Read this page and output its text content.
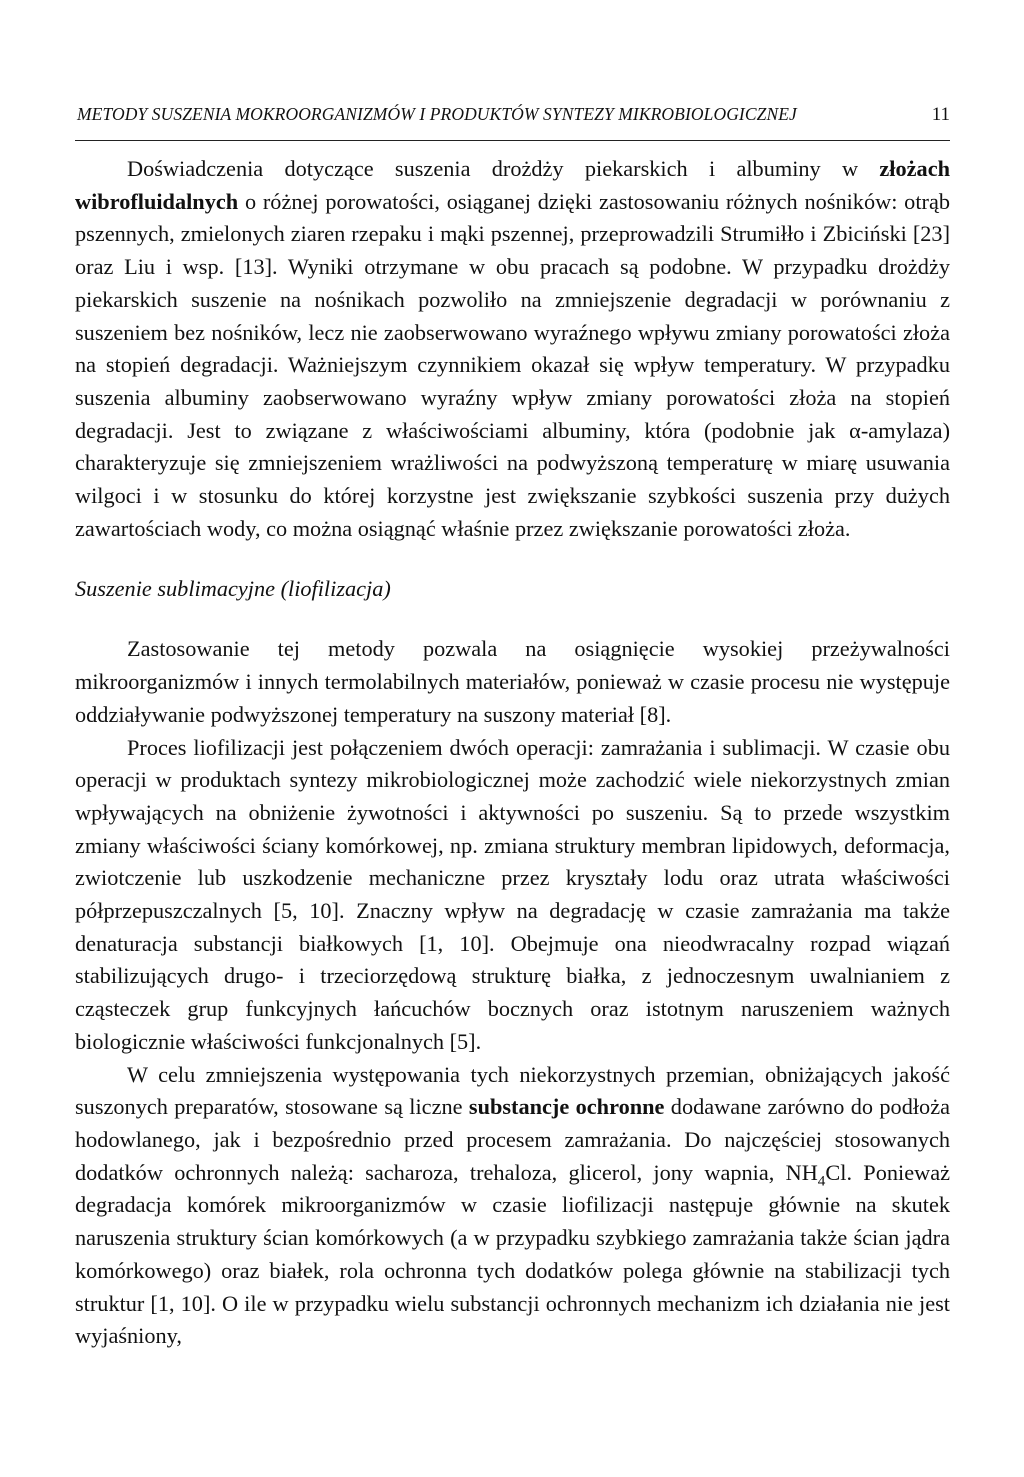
METODY SUSZENIA MOKROORGANIZMÓW I PRODUKTÓW SYNTEZY MIKROBIOLOGICZNEJ	11

Doświadczenia dotyczące suszenia drożdży piekarskich i albuminy w złożach wibrofluidalnych o różnej porowatości, osiąganej dzięki zastosowaniu różnych nośników: otrąb pszennych, zmielonych ziaren rzepaku i mąki pszennej, przeprowadzili Strumiłło i Zbiciński [23] oraz Liu i wsp. [13]. Wyniki otrzymane w obu pracach są podobne. W przypadku drożdży piekarskich suszenie na nośnikach pozwoliło na zmniejszenie degradacji w porównaniu z suszeniem bez nośników, lecz nie zaobserwowano wyraźnego wpływu zmiany porowatości złoża na stopień degradacji. Ważniejszym czynnikiem okazał się wpływ temperatury. W przypadku suszenia albuminy zaobserwowano wyraźny wpływ zmiany porowatości złoża na stopień degradacji. Jest to związane z właściwościami albuminy, która (podobnie jak α-amylaza) charakteryzuje się zmniejszeniem wrażliwości na podwyższoną temperaturę w miarę usuwania wilgoci i w stosunku do której korzystne jest zwiększanie szybkości suszenia przy dużych zawartościach wody, co można osiągnąć właśnie przez zwiększanie porowatości złoża.

Suszenie sublimacyjne (liofilizacja)

Zastosowanie tej metody pozwala na osiągnięcie wysokiej przeżywalności mikroorganizmów i innych termolabilnych materiałów, ponieważ w czasie procesu nie występuje oddziaływanie podwyższonej temperatury na suszony materiał [8].

Proces liofilizacji jest połączeniem dwóch operacji: zamrażania i sublimacji. W czasie obu operacji w produktach syntezy mikrobiologicznej może zachodzić wiele niekorzystnych zmian wpływających na obniżenie żywotności i aktywności po suszeniu. Są to przede wszystkim zmiany właściwości ściany komórkowej, np. zmiana struktury membran lipidowych, deformacja, zwiotczenie lub uszkodzenie mechaniczne przez kryształy lodu oraz utrata właściwości półprzepuszczalnych [5, 10]. Znaczny wpływ na degradację w czasie zamrażania ma także denaturacja substancji białkowych [1, 10]. Obejmuje ona nieodwracalny rozpad wiązań stabilizujących drugo- i trzeciorzędową strukturę białka, z jednoczesnym uwalnianiem z cząsteczek grup funkcyjnych łańcuchów bocznych oraz istotnym naruszeniem ważnych biologicznie właściwości funkcjonalnych [5].

W celu zmniejszenia występowania tych niekorzystnych przemian, obniżających jakość suszonych preparatów, stosowane są liczne substancje ochronne dodawane zarówno do podłoża hodowlanego, jak i bezpośrednio przed procesem zamrażania. Do najczęściej stosowanych dodatków ochronnych należą: sacharoza, trehaloza, glicerol, jony wapnia, $NH_4Cl$. Ponieważ degradacja komórek mikroorganizmów w czasie liofilizacji następuje głównie na skutek naruszenia struktury ścian komórkowych (a w przypadku szybkiego zamrażania także ścian jądra komórkowego) oraz białek, rola ochronna tych dodatków polega głównie na stabilizacji tych struktur [1, 10]. O ile w przypadku wielu substancji ochronnych mechanizm ich działania nie jest wyjaśniony,
